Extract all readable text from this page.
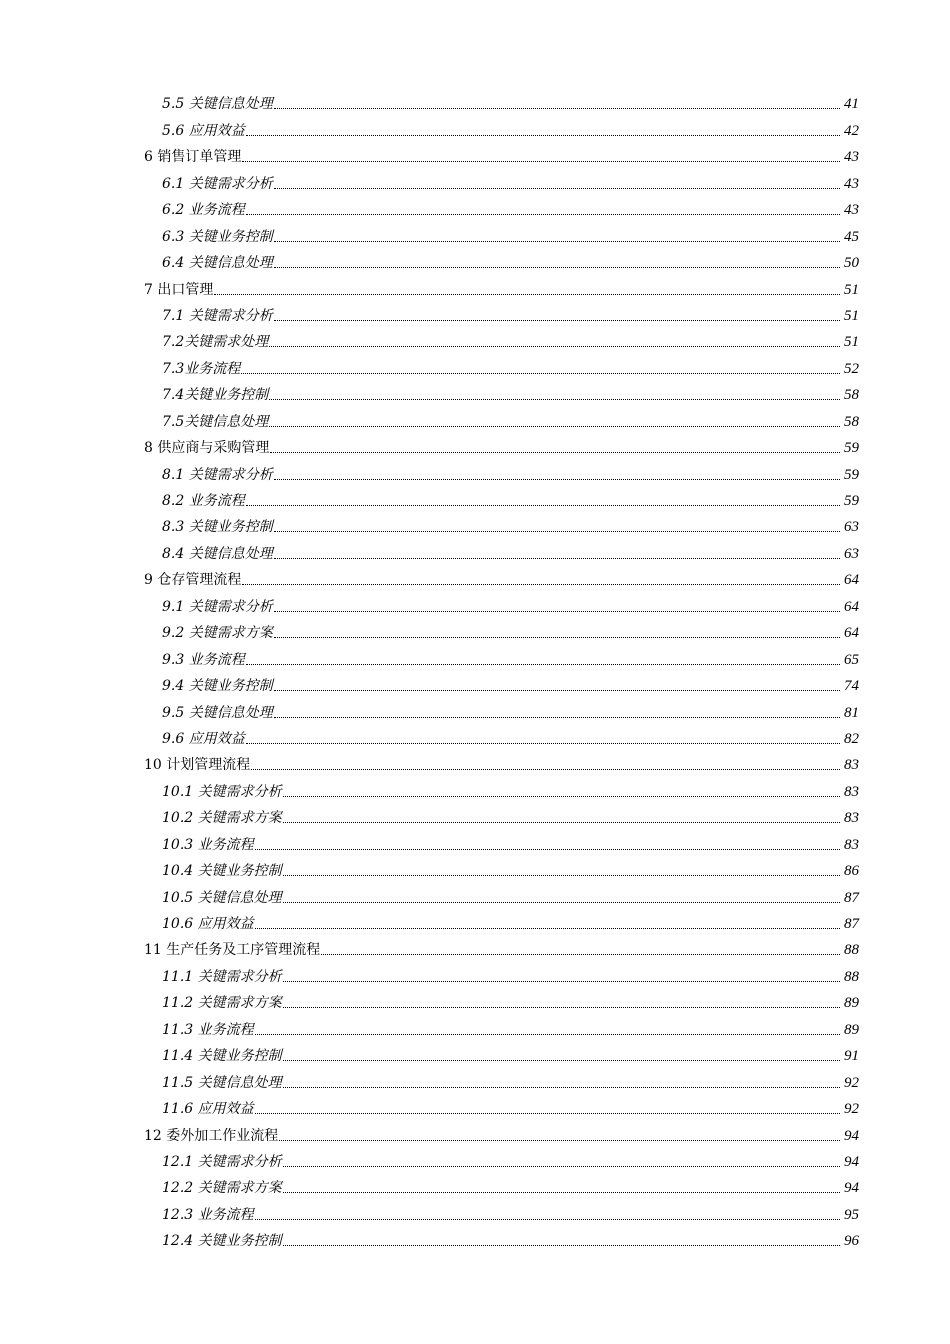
5.5 关键信息处理	41
5.6 应用效益	42
6 销售订单管理	43
6.1 关键需求分析	43
6.2 业务流程	43
6.3 关键业务控制	45
6.4 关键信息处理	50
7 出口管理	51
7.1 关键需求分析	51
7.2关键需求处理	51
7.3业务流程	52
7.4关键业务控制	58
7.5关键信息处理	58
8 供应商与采购管理	59
8.1 关键需求分析	59
8.2 业务流程	59
8.3 关键业务控制	63
8.4 关键信息处理	63
9 仓存管理流程	64
9.1 关键需求分析	64
9.2 关键需求方案	64
9.3 业务流程	65
9.4 关键业务控制	74
9.5 关键信息处理	81
9.6 应用效益	82
10 计划管理流程	83
10.1 关键需求分析	83
10.2 关键需求方案	83
10.3 业务流程	83
10.4 关键业务控制	86
10.5 关键信息处理	87
10.6 应用效益	87
11 生产任务及工序管理流程	88
11.1 关键需求分析	88
11.2 关键需求方案	89
11.3 业务流程	89
11.4 关键业务控制	91
11.5 关键信息处理	92
11.6 应用效益	92
12 委外加工作业流程	94
12.1 关键需求分析	94
12.2 关键需求方案	94
12.3 业务流程	95
12.4 关键业务控制	96
